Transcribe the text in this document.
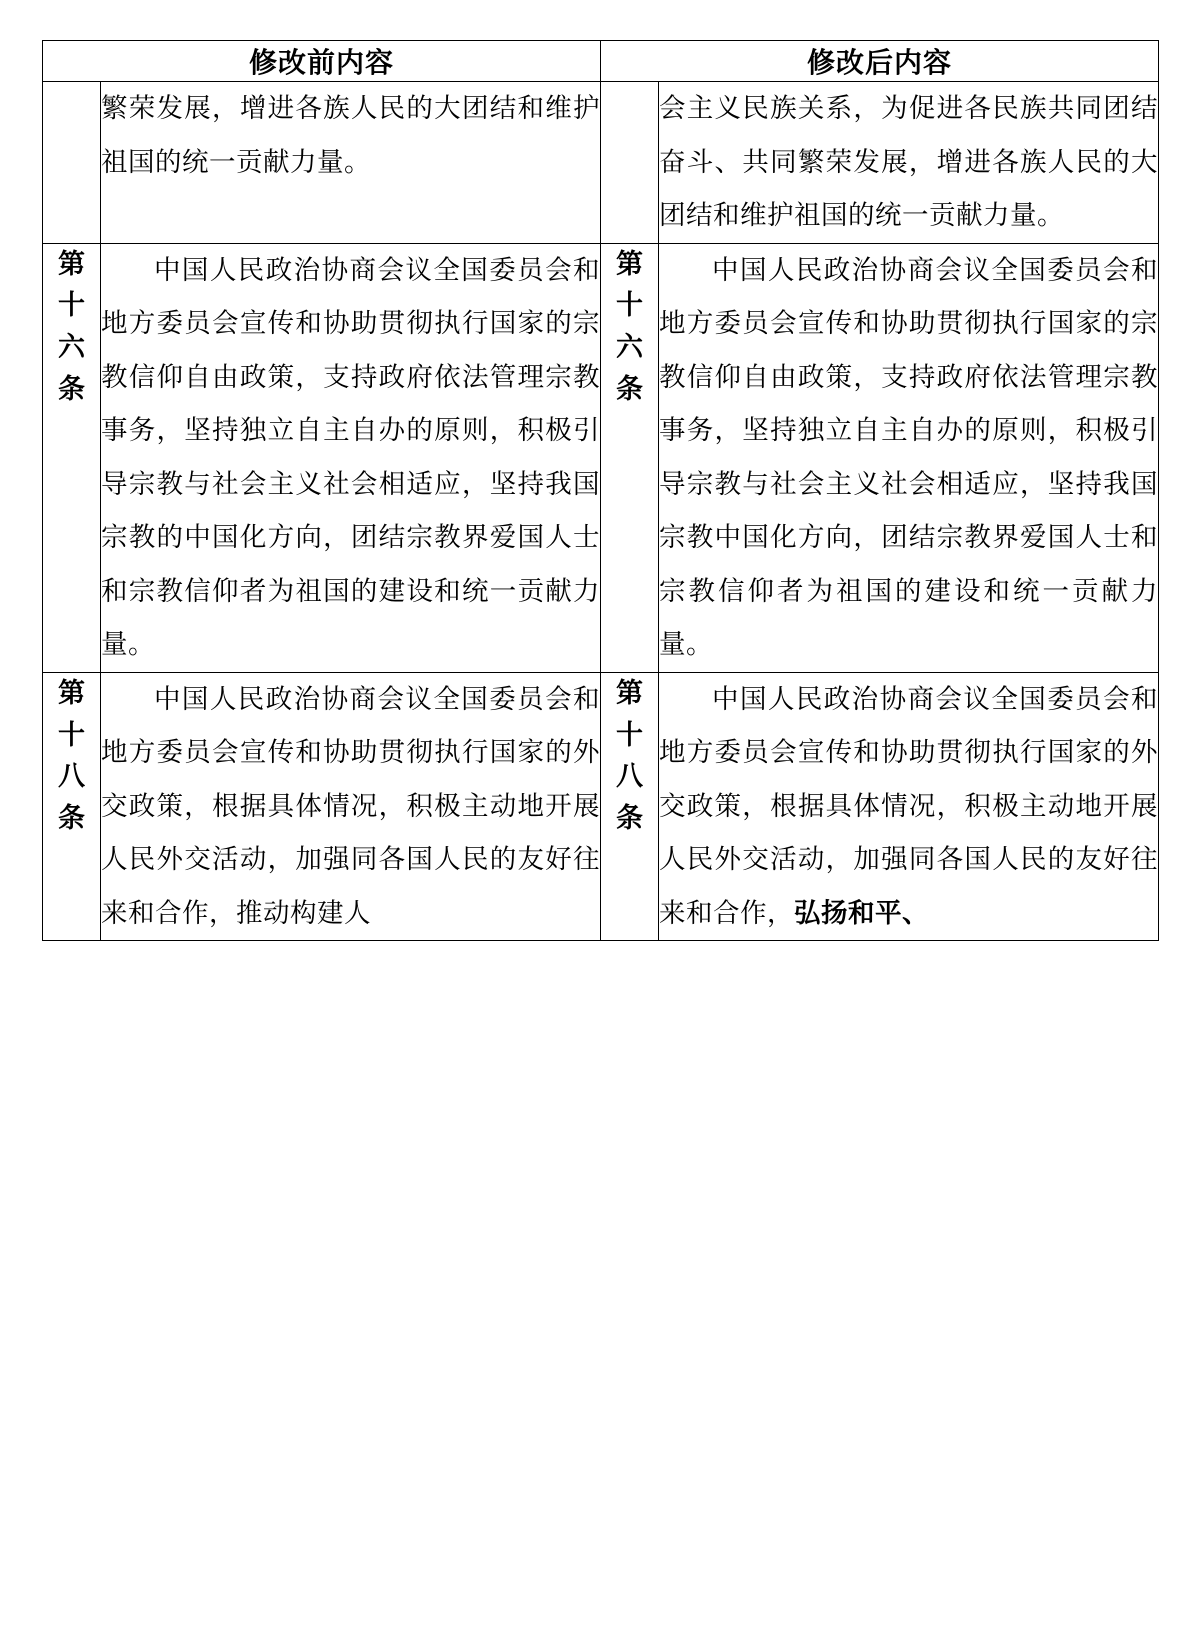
修改前内容		修改后内容	

	繁荣发展，增进各族人民的大团结和维护祖国的统一贡献力量。		会主义民族关系，为促进各民族共同团结奋斗、共同繁荣发展，增进各族人民的大团结和维护祖国的统一贡献力量。

第十六条	中国人民政治协商会议全国委员会和地方委员会宣传和协助贯彻执行国家的宗教信仰自由政策，支持政府依法管理宗教事务，坚持独立自主自办的原则，积极引导宗教与社会主义社会相适应，坚持我国宗教的中国化方向，团结宗教界爱国人士和宗教信仰者为祖国的建设和统一贡献力量。	第十六条	中国人民政治协商会议全国委员会和地方委员会宣传和协助贯彻执行国家的宗教信仰自由政策，支持政府依法管理宗教事务，坚持独立自主自办的原则，积极引导宗教与社会主义社会相适应，坚持我国宗教中国化方向，团结宗教界爱国人士和宗教信仰者为祖国的建设和统一贡献力量。

第十八条	中国人民政治协商会议全国委员会和地方委员会宣传和协助贯彻执行国家的外交政策，根据具体情况，积极主动地开展人民外交活动，加强同各国人民的友好往来和合作，推动构建人	第十八条	中国人民政治协商会议全国委员会和地方委员会宣传和协助贯彻执行国家的外交政策，根据具体情况，积极主动地开展人民外交活动，加强同各国人民的友好往来和合作，弘扬和平、
